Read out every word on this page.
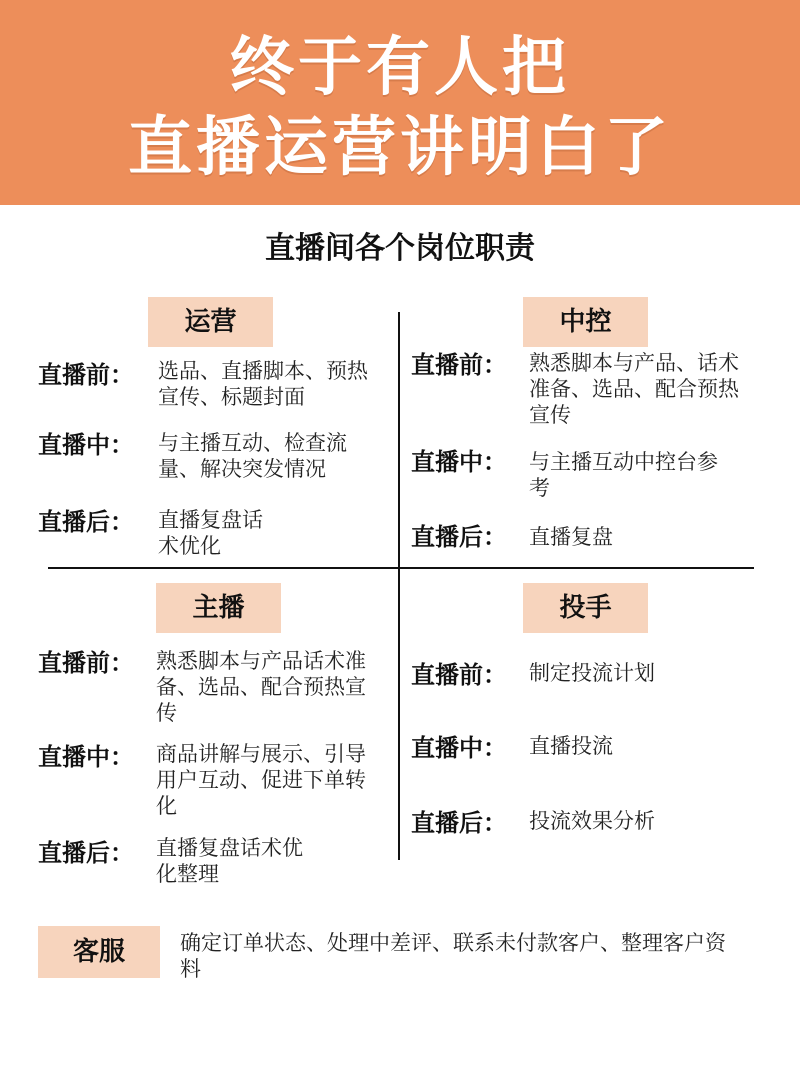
终于有人把
直播运营讲明白了
直播间各个岗位职责
运营
直播前： 选品、直播脚本、预热宣传、标题封面
直播中： 与主播互动、检查流量、解决突发情况
直播后： 直播复盘话术优化
中控
直播前： 熟悉脚本与产品、话术准备、选品、配合预热宣传
直播中： 与主播互动中控台参考
直播后： 直播复盘
主播
直播前： 熟悉脚本与产品话术准备、选品、配合预热宣传
直播中： 商品讲解与展示、引导用户互动、促进下单转化
直播后： 直播复盘话术优化整理
投手
直播前： 制定投流计划
直播中： 直播投流
直播后： 投流效果分析
客服	确定订单状态、处理中差评、联系未付款客户、整理客户资料
